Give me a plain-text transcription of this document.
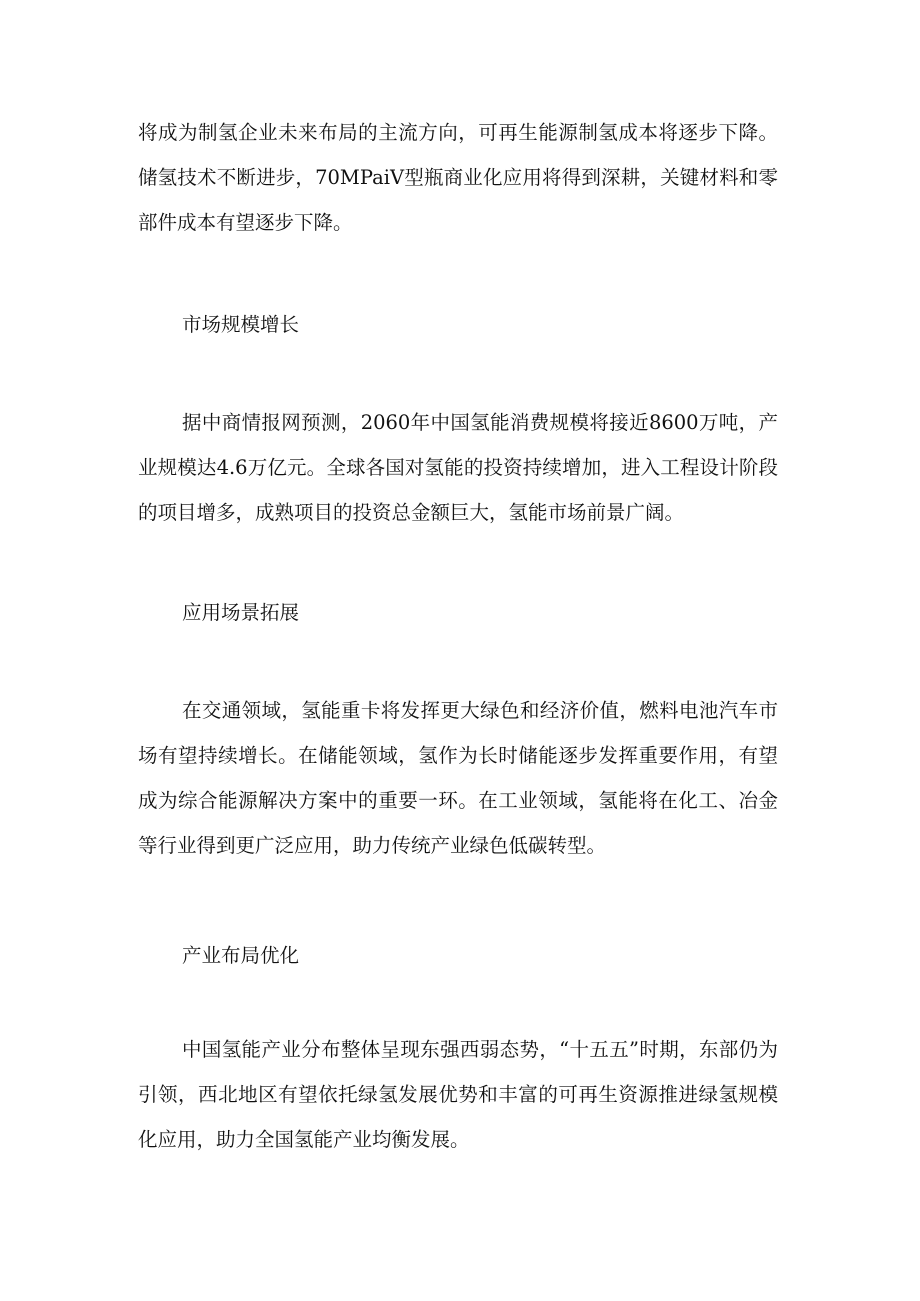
将成为制氢企业未来布局的主流方向，可再生能源制氢成本将逐步下降。储氢技术不断进步，70MPaiV型瓶商业化应用将得到深耕，关键材料和零部件成本有望逐步下降。

市场规模增长

据中商情报网预测，2060年中国氢能消费规模将接近8600万吨，产业规模达4.6万亿元。全球各国对氢能的投资持续增加，进入工程设计阶段的项目增多，成熟项目的投资总金额巨大，氢能市场前景广阔。

应用场景拓展

在交通领域，氢能重卡将发挥更大绿色和经济价值，燃料电池汽车市场有望持续增长。在储能领域，氢作为长时储能逐步发挥重要作用，有望成为综合能源解决方案中的重要一环。在工业领域，氢能将在化工、冶金等行业得到更广泛应用，助力传统产业绿色低碳转型。

产业布局优化

中国氢能产业分布整体呈现东强西弱态势，“十五五”时期，东部仍为引领，西北地区有望依托绿氢发展优势和丰富的可再生资源推进绿氢规模化应用，助力全国氢能产业均衡发展。
